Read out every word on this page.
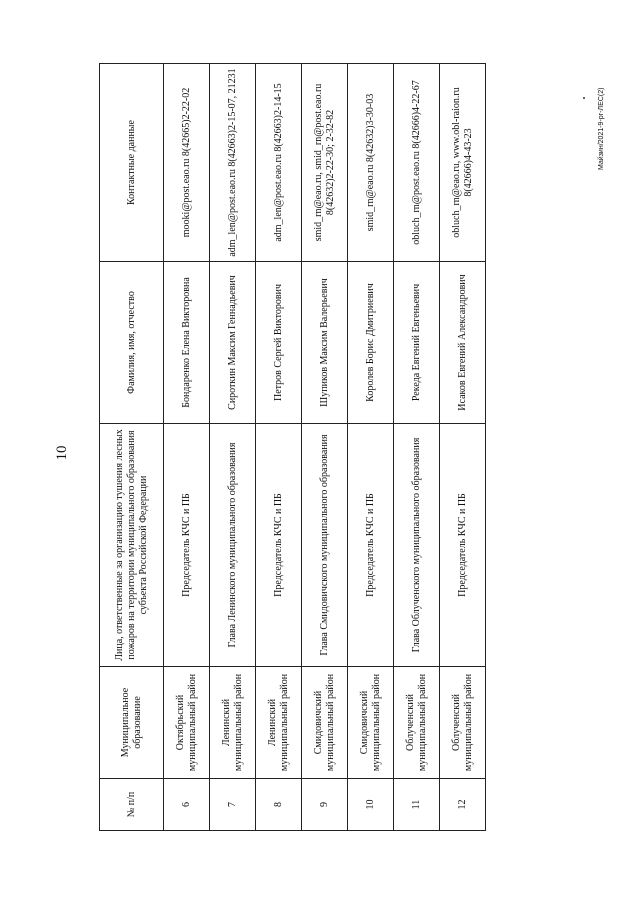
10
№ п/п	Муниципальное образование	Лица, ответственные за организацию тушения лесных пожаров на территории муниципального образования субъекта Российской Федерации	Фамилия, имя, отчество	Контактные данные
6	Октябрьский муниципальный район	Председатель КЧС и ПБ	Бондаренко Елена Викторовна	mooki@post.eao.ru 8(42665)2-22-02
7	Ленинский муниципальный район	Глава Ленинского муниципального образования	Сироткин Максим Геннадьевич	adm_len@post.eao.ru 8(42663)2-15-07, 21231
8	Ленинский муниципальный район	Председатель КЧС и ПБ	Петров Сергей Викторович	adm_len@post.eao.ru 8(42663)2-14-15
9	Смидовичский муниципальный район	Глава Смидовичского муниципального образования	Шупиков Максим Валерьевич	smid_rn@eao.ru, smid_rn@post.eao.ru 8(42632)2-22-30; 2-32-82
10	Смидовичский муниципальный район	Председатель КЧС и ПБ	Королев Борис Дмитриевич	smid_rn@eao.ru 8(42632)3-30-03
11	Облученский муниципальный район	Глава Облученского муниципального образования	Рекеда Евгений Евгеньевич	obluch_rn@post.eao.ru 8(42666)4-22-67
12	Облученский муниципальный район	Председатель КЧС и ПБ	Исаков Евгений Александрович	obluch_rn@eao.ru, www.obl-raion.ru 8(42666)4-43-23	Майзин/2021-9-рг-ЛЕС(2)
